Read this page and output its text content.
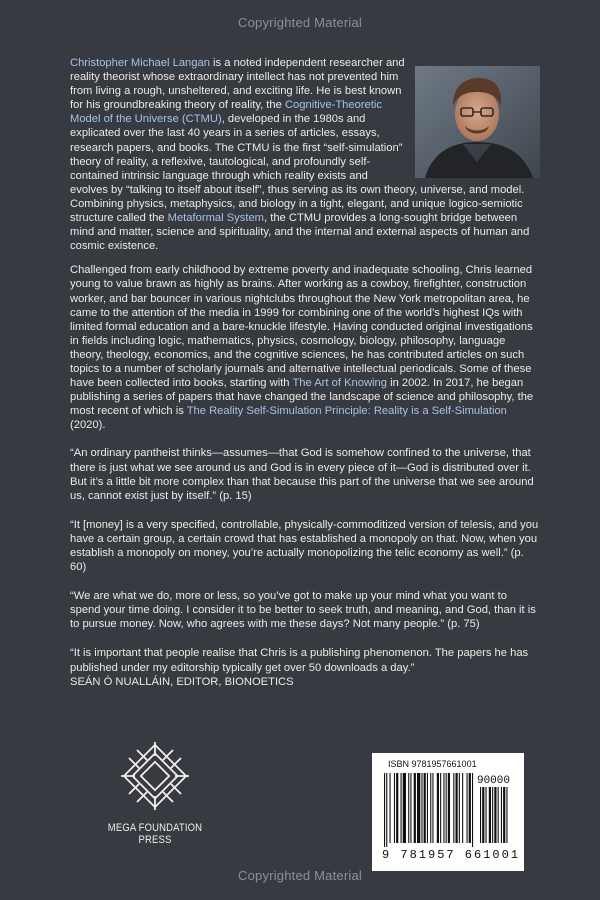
Copyrighted Material
Christopher Michael Langan is a noted independent researcher and reality theorist whose extraordinary intellect has not prevented him from living a rough, unsheltered, and exciting life. He is best known for his groundbreaking theory of reality, the Cognitive-Theoretic Model of the Universe (CTMU), developed in the 1980s and explicated over the last 40 years in a series of articles, essays, research papers, and books. The CTMU is the first “self-simulation” theory of reality, a reflexive, tautological, and profoundly self-contained intrinsic language through which reality exists and evolves by “talking to itself about itself”, thus serving as its own theory, universe, and model. Combining physics, metaphysics, and biology in a tight, elegant, and unique logico-semiotic structure called the Metaformal System, the CTMU provides a long-sought bridge between mind and matter, science and spirituality, and the internal and external aspects of human and cosmic existence.

Challenged from early childhood by extreme poverty and inadequate schooling, Chris learned young to value brawn as highly as brains. After working as a cowboy, firefighter, construction worker, and bar bouncer in various nightclubs throughout the New York metropolitan area, he came to the attention of the media in 1999 for combining one of the world’s highest IQs with limited formal education and a bare-knuckle lifestyle. Having conducted original investigations in fields including logic, mathematics, physics, cosmology, biology, philosophy, language theory, theology, economics, and the cognitive sciences, he has contributed articles on such topics to a number of scholarly journals and alternative intellectual periodicals. Some of these have been collected into books, starting with The Art of Knowing in 2002. In 2017, he began publishing a series of papers that have changed the landscape of science and philosophy, the most recent of which is The Reality Self-Simulation Principle: Reality is a Self-Simulation (2020).

“An ordinary pantheist thinks—assumes—that God is somehow confined to the universe, that there is just what we see around us and God is in every piece of it—God is distributed over it. But it’s a little bit more complex than that because this part of the universe that we see around us, cannot exist just by itself.” (p. 15)
“It [money] is a very specified, controllable, physically-commoditized version of telesis, and you have a certain group, a certain crowd that has established a monopoly on that. Now, when you establish a monopoly on money, you’re actually monopolizing the telic economy as well.” (p. 60)
“We are what we do, more or less, so you’ve got to make up your mind what you want to spend your time doing. I consider it to be better to seek truth, and meaning, and God, than it is to pursue money. Now, who agrees with me these days? Not many people.” (p. 75)
“It is important that people realise that Chris is a publishing phenomenon. The papers he has published under my editorship typically get over 50 downloads a day.”
SEÁN Ó NUALLÁIN, EDITOR, BIONOETICS
MEGA FOUNDATION PRESS
ISBN 9781957661001
90000
9 781957 661001
Copyrighted Material
